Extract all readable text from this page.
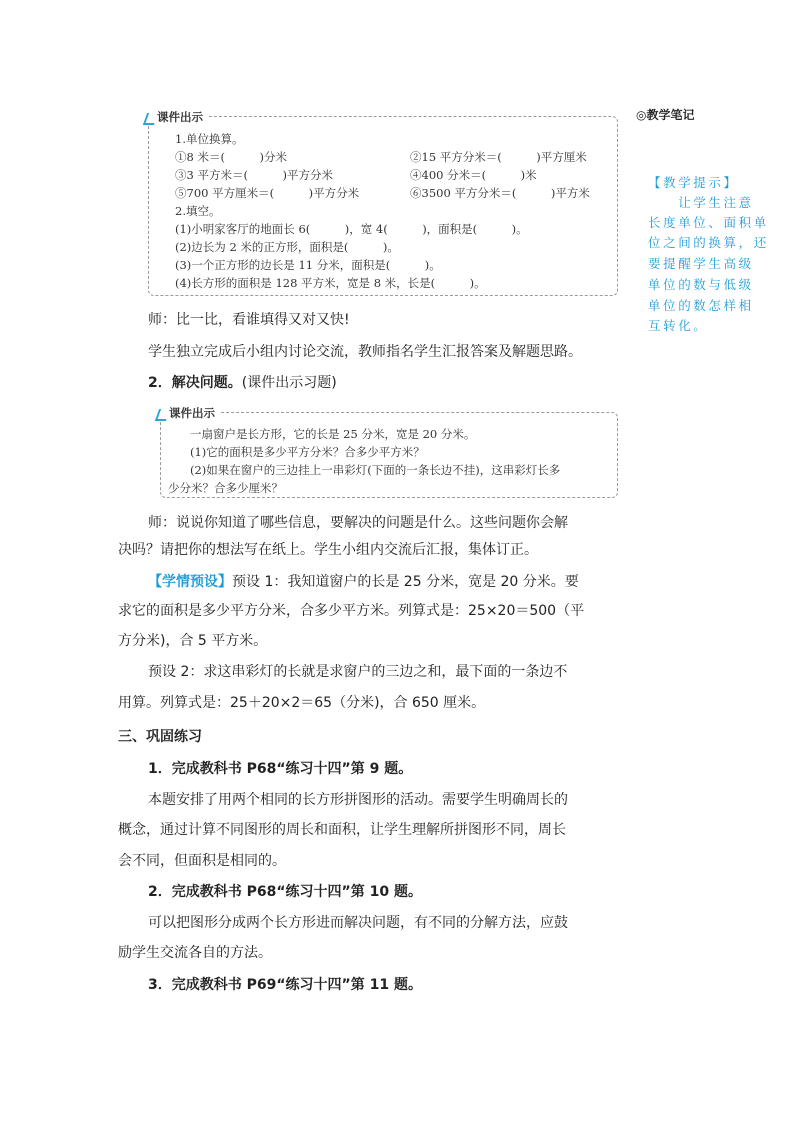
◎教学笔记
【教学提示】
　　让学生注意
长度单位、面积单
位之间的换算，还
要提醒学生高级
单位的数与低级
单位的数怎样相
互转化。
课件出示
1.单位换算。
①8 米＝(　　　)分米	②15 平方分米＝(　　　)平方厘米
③3 平方米＝(　　　)平方分米	④400 分米＝(　　　)米
⑤700 平方厘米＝(　　　)平方分米	⑥3500 平方分米＝(　　　)平方米
2.填空。
(1)小明家客厅的地面长 6(　　　)，宽 4(　　　)，面积是(　　　)。
(2)边长为 2 米的正方形，面积是(　　　)。
(3)一个正方形的边长是 11 分米，面积是(　　　)。
(4)长方形的面积是 128 平方米，宽是 8 米，长是(　　　)。
师：比一比，看谁填得又对又快!
学生独立完成后小组内讨论交流，教师指名学生汇报答案及解题思路。
2．解决问题。(课件出示习题)
课件出示
一扇窗户是长方形，它的长是 25 分米，宽是 20 分米。
(1)它的面积是多少平方分米？合多少平方米？
(2)如果在窗户的三边挂上一串彩灯(下面的一条长边不挂)，这串彩灯长多
少分米？合多少厘米？
师：说说你知道了哪些信息，要解决的问题是什么。这些问题你会解
决吗？请把你的想法写在纸上。学生小组内交流后汇报，集体订正。
【学情预设】预设 1：我知道窗户的长是 25 分米，宽是 20 分米。要
求它的面积是多少平方分米，合多少平方米。列算式是：25×20＝500（平
方分米)，合 5 平方米。
预设 2：求这串彩灯的长就是求窗户的三边之和，最下面的一条边不
用算。列算式是：25＋20×2＝65（分米)，合 650 厘米。
三、巩固练习
1．完成教科书 P68“练习十四”第 9 题。
本题安排了用两个相同的长方形拼图形的活动。需要学生明确周长的
概念，通过计算不同图形的周长和面积，让学生理解所拼图形不同，周长
会不同，但面积是相同的。
2．完成教科书 P68“练习十四”第 10 题。
可以把图形分成两个长方形进而解决问题，有不同的分解方法，应鼓
励学生交流各自的方法。
3．完成教科书 P69“练习十四”第 11 题。
